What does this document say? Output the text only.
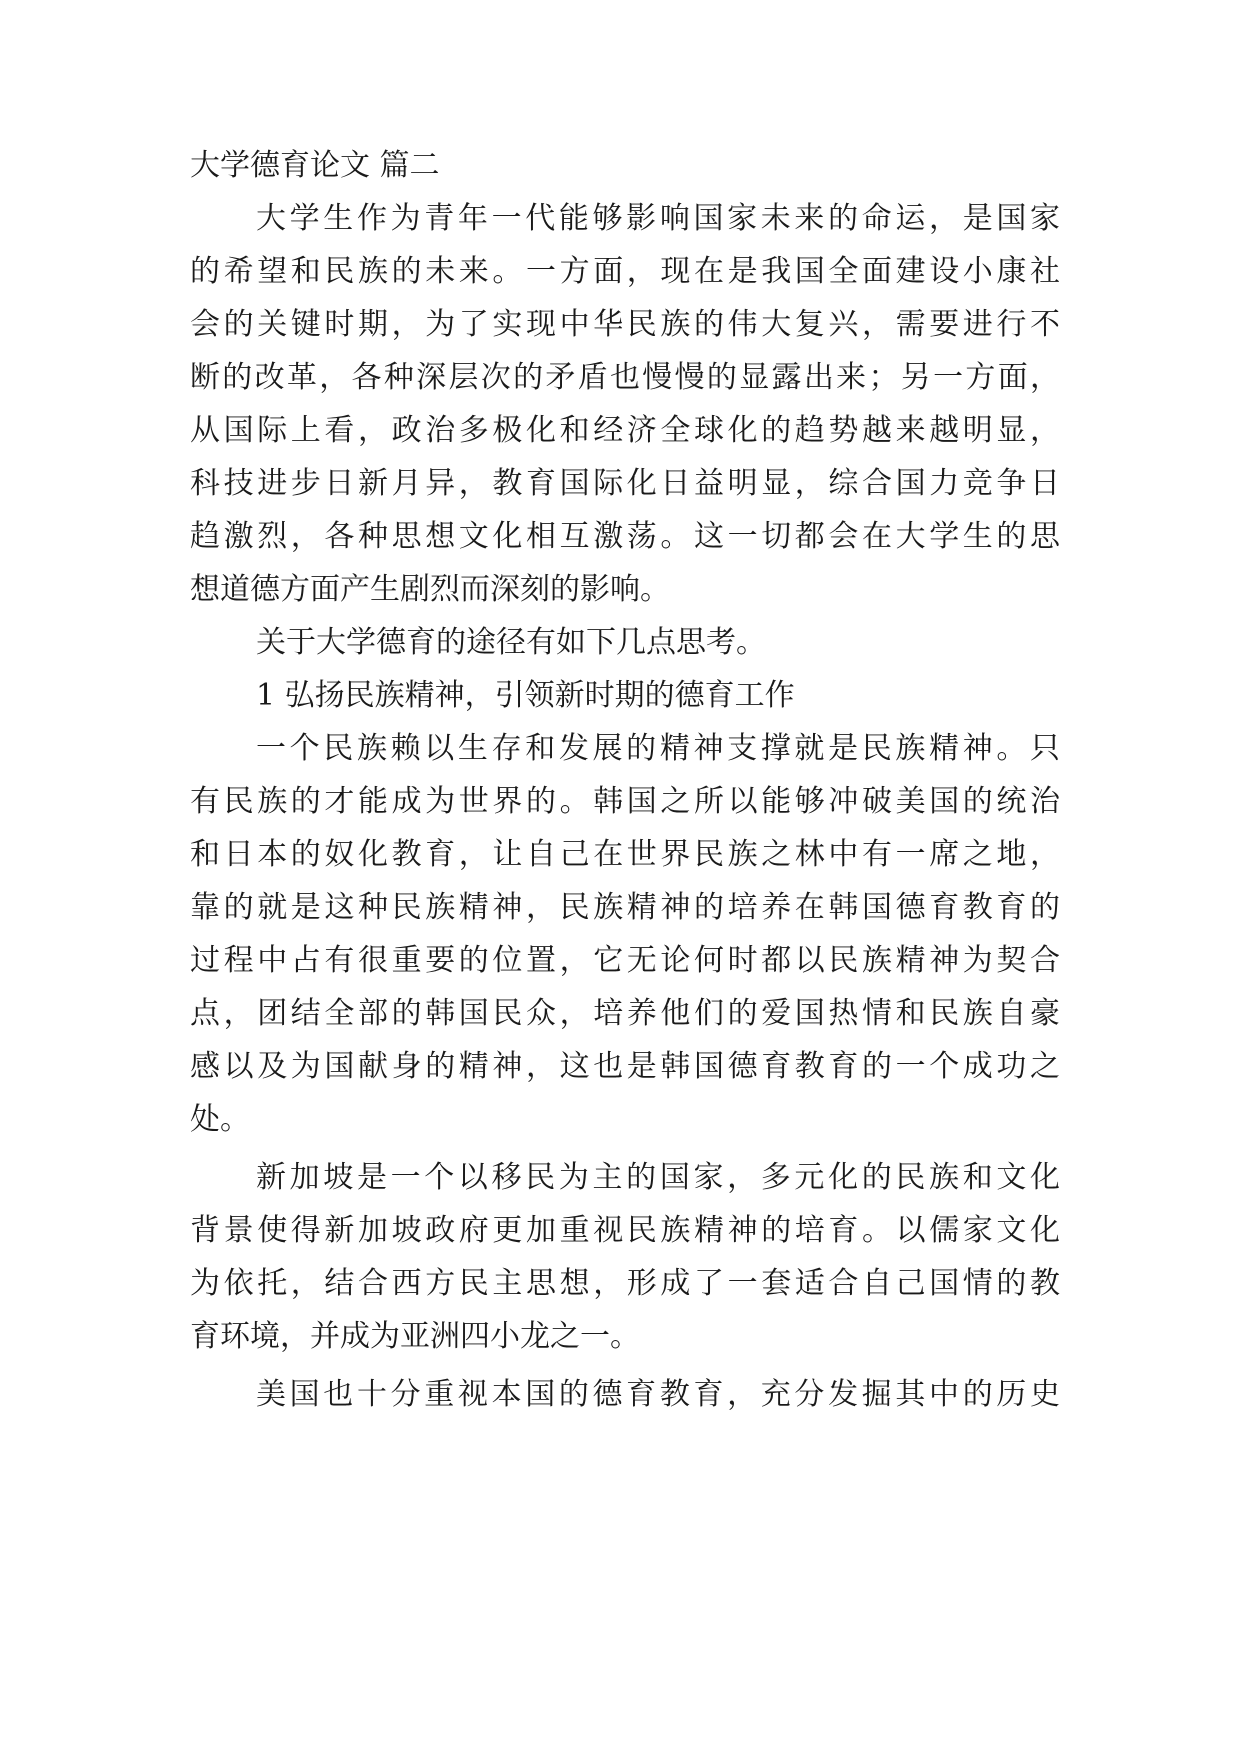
大学德育论文 篇二
大学生作为青年一代能够影响国家未来的命运，是国家
的希望和民族的未来。一方面，现在是我国全面建设小康社
会的关键时期，为了实现中华民族的伟大复兴，需要进行不
断的改革，各种深层次的矛盾也慢慢的显露出来；另一方面，
从国际上看，政治多极化和经济全球化的趋势越来越明显，
科技进步日新月异，教育国际化日益明显，综合国力竞争日
趋激烈，各种思想文化相互激荡。这一切都会在大学生的思
想道德方面产生剧烈而深刻的影响。
关于大学德育的途径有如下几点思考。
1 弘扬民族精神，引领新时期的德育工作
一个民族赖以生存和发展的精神支撑就是民族精神。只
有民族的才能成为世界的。韩国之所以能够冲破美国的统治
和日本的奴化教育，让自己在世界民族之林中有一席之地，
靠的就是这种民族精神，民族精神的培养在韩国德育教育的
过程中占有很重要的位置，它无论何时都以民族精神为契合
点，团结全部的韩国民众，培养他们的爱国热情和民族自豪
感以及为国献身的精神，这也是韩国德育教育的一个成功之
处。
新加坡是一个以移民为主的国家，多元化的民族和文化
背景使得新加坡政府更加重视民族精神的培育。以儒家文化
为依托，结合西方民主思想，形成了一套适合自己国情的教
育环境，并成为亚洲四小龙之一。
美国也十分重视本国的德育教育，充分发掘其中的历史
